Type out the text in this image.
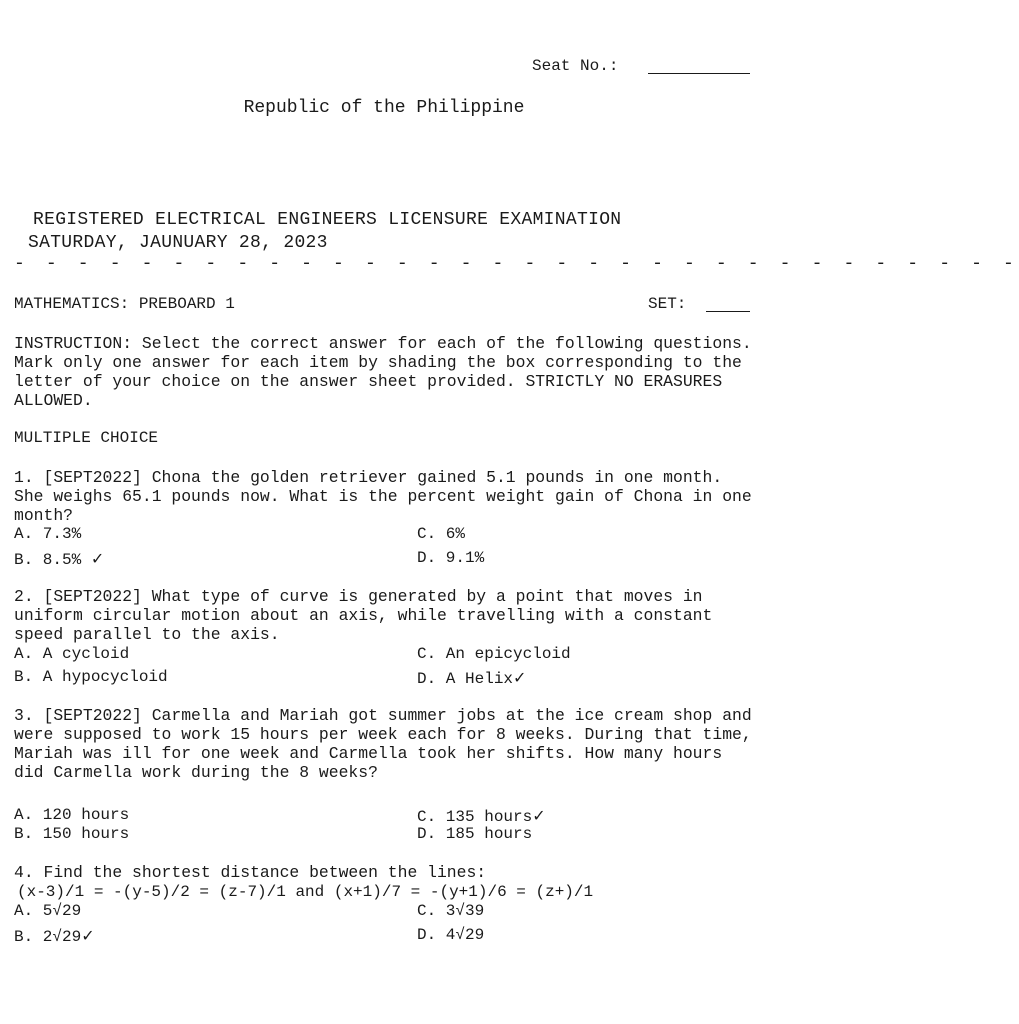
Seat No.:
Republic of the Philippine
REGISTERED ELECTRICAL ENGINEERS LICENSURE EXAMINATION
SATURDAY, JAUNUARY 28, 2023
- - - - - - - - - - - - - - - - - - - - - - - - - - - - - - - -
MATHEMATICS: PREBOARD 1	SET:
INSTRUCTION: Select the correct answer for each of the following questions. Mark only one answer for each item by shading the box corresponding to the letter of your choice on the answer sheet provided. STRICTLY NO ERASURES ALLOWED.
MULTIPLE CHOICE
1. [SEPT2022] Chona the golden retriever gained 5.1 pounds in one month. She weighs 65.1 pounds now. What is the percent weight gain of Chona in one month?
A. 7.3%	C. 6%
B. 8.5% ✓	D. 9.1%
2. [SEPT2022] What type of curve is generated by a point that moves in uniform circular motion about an axis, while travelling with a constant speed parallel to the axis.
A. A cycloid	C. An epicycloid
B. A hypocycloid	D. A Helix✓
3. [SEPT2022] Carmella and Mariah got summer jobs at the ice cream shop and were supposed to work 15 hours per week each for 8 weeks. During that time, Mariah was ill for one week and Carmella took her shifts. How many hours did Carmella work during the 8 weeks?
A. 120 hours	C. 135 hours✓
B. 150 hours	D. 185 hours
4. Find the shortest distance between the lines:
(x-3)/1 = -(y-5)/2 = (z-7)/1 and (x+1)/7 = -(y+1)/6 = (z+)/1
A. 5√29	C. 3√39
B. 2√29✓	D. 4√29
